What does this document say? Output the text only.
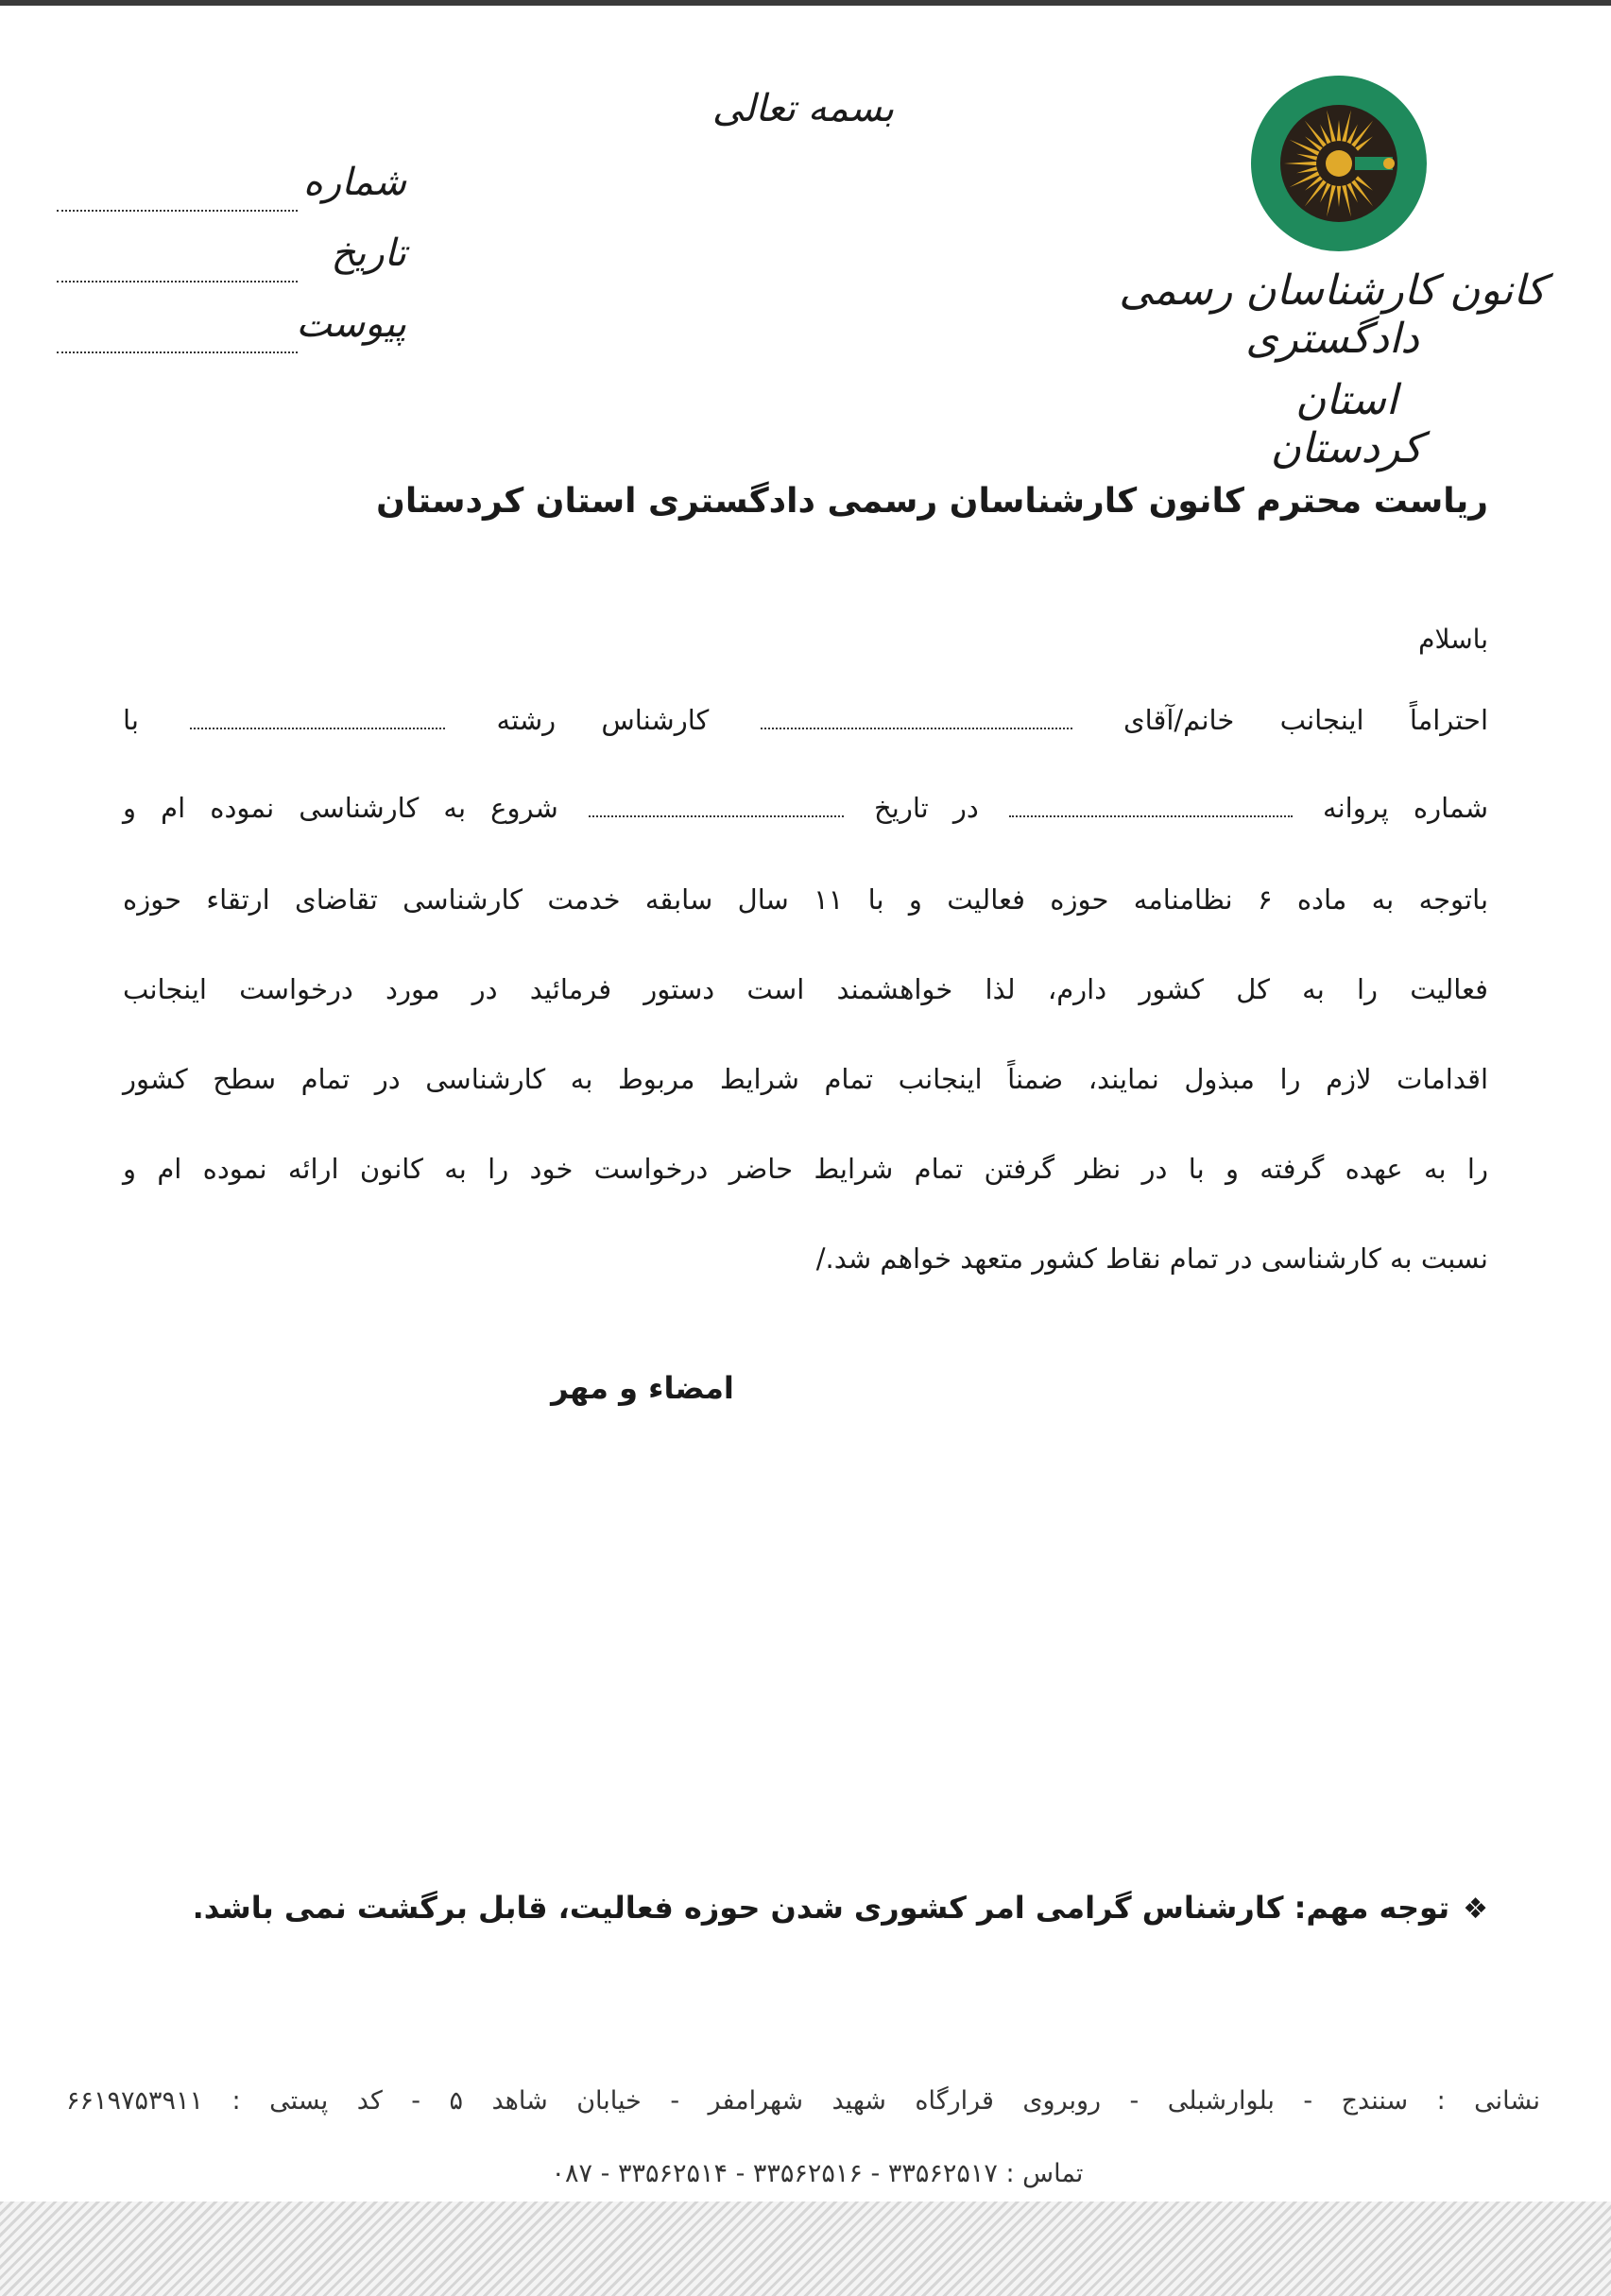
بسمه تعالی
شماره
تاریخ
پیوست
کانون کارشناسان رسمی دادگستری
استان کردستان
ریاست محترم کانون کارشناسان رسمی دادگستری استان کردستان
باسلام
احتراماً اینجانب خانم/آقای  کارشناس رشته  با
شماره پروانه  در تاریخ  شروع به کارشناسی نموده ام و
باتوجه به ماده ۶ نظامنامه حوزه فعالیت و با ۱۱ سال سابقه خدمت کارشناسی تقاضای ارتقاء حوزه
فعالیت را به کل کشور دارم، لذا خواهشمند است دستور فرمائید در مورد درخواست اینجانب
اقدامات لازم را مبذول نمایند، ضمناً اینجانب تمام شرایط مربوط به کارشناسی در تمام سطح کشور
را به عهده گرفته و با در نظر گرفتن تمام شرایط حاضر درخواست خود را به کانون ارائه نموده ام و
نسبت به کارشناسی در تمام نقاط کشور متعهد خواهم شد./
امضاء و مهر
❖توجه مهم: کارشناس گرامی امر کشوری شدن حوزه فعالیت، قابل برگشت نمی باشد.
نشانی : سنندج - بلوارشبلی - روبروی قرارگاه شهید شهرامفر - خیابان شاهد ۵ - کد پستی : ۶۶۱۹۷۵۳۹۱۱
تماس : ۳۳۵۶۲۵۱۷ - ۳۳۵۶۲۵۱۶ - ۳۳۵۶۲۵۱۴ - ۰۸۷
